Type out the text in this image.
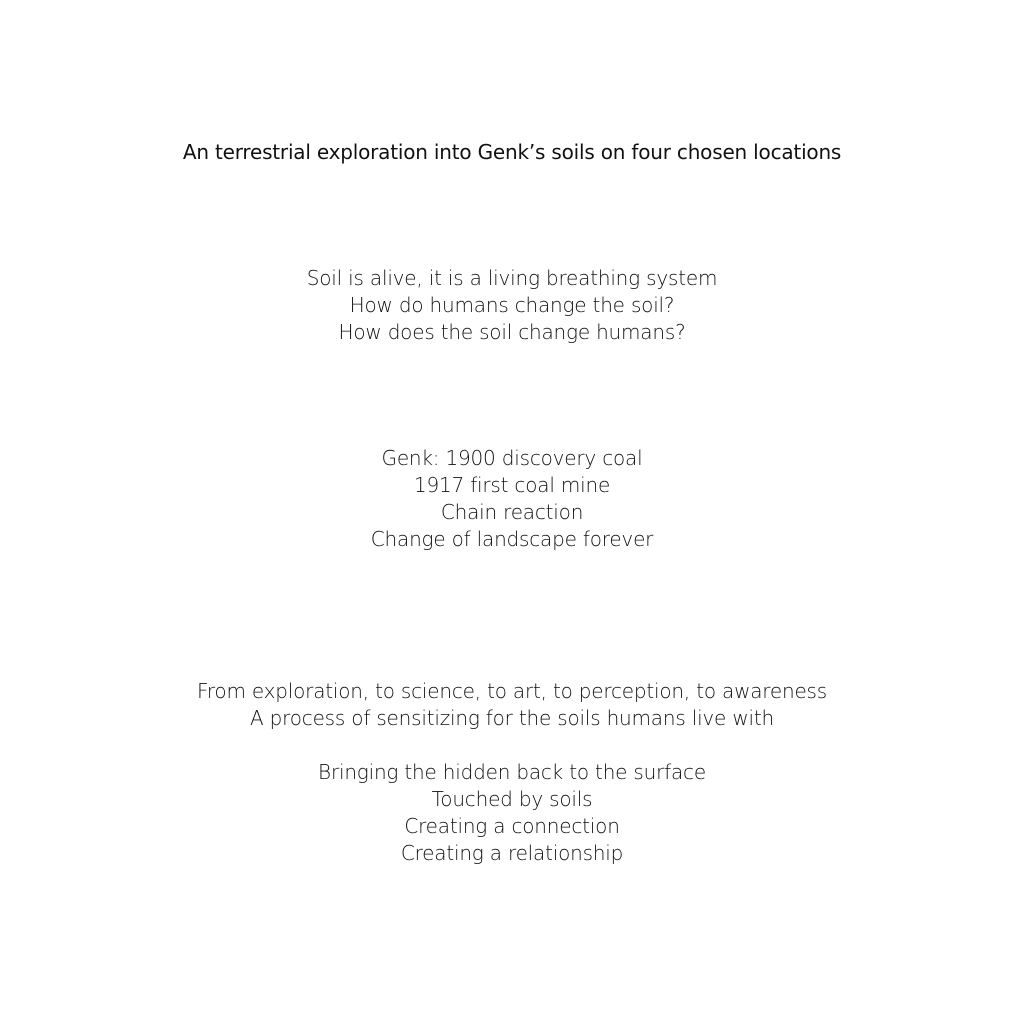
An terrestrial exploration into Genk’s soils on four chosen locations
Soil is alive, it is a living breathing system
How do humans change the soil?
How does the soil change humans?
Genk: 1900 discovery coal
1917 first coal mine
Chain reaction
Change of landscape forever
From exploration, to science, to art, to perception, to awareness
A process of sensitizing for the soils humans live with
Bringing the hidden back to the surface
Touched by soils
Creating a connection
Creating a relationship
